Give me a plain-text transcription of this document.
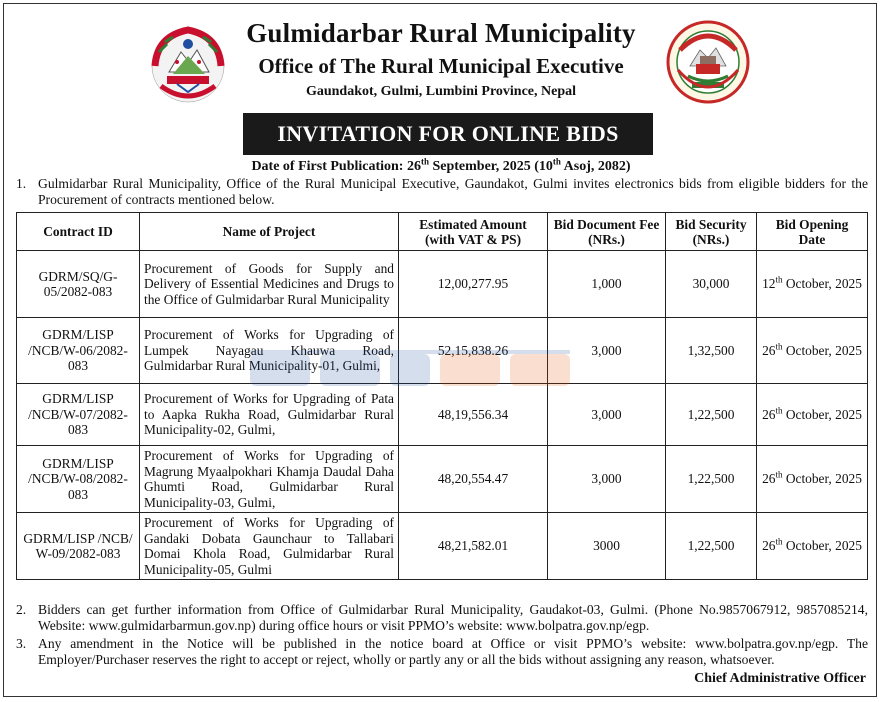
Gulmidarbar Rural Municipality
Office of The Rural Municipal Executive
Gaundakot, Gulmi, Lumbini Province, Nepal
INVITATION FOR ONLINE BIDS
Date of First Publication: 26th September, 2025 (10th Asoj, 2082)
1. Gulmidarbar Rural Municipality, Office of the Rural Municipal Executive, Gaundakot, Gulmi invites electronics bids from eligible bidders for the Procurement of contracts mentioned below.
Contract ID	Name of Project	Estimated Amount (with VAT & PS)	Bid Document Fee (NRs.)	Bid Security (NRs.)	Bid Opening Date
GDRM/SQ/G-05/2082-083	Procurement of Goods for Supply and Delivery of Essential Medicines and Drugs to the Office of Gulmidarbar Rural Municipality	12,00,277.95	1,000	30,000	12th October, 2025
GDRM/LISP /NCB/W-06/2082-083	Procurement of Works for Upgrading of Lumpek Nayagau Khauwa Road, Gulmidarbar Rural Municipality-01, Gulmi,	52,15,838.26	3,000	1,32,500	26th October, 2025
GDRM/LISP /NCB/W-07/2082-083	Procurement of Works for Upgrading of Pata to Aapka Rukha Road, Gulmidarbar Rural Municipality-02, Gulmi,	48,19,556.34	3,000	1,22,500	26th October, 2025
GDRM/LISP /NCB/W-08/2082-083	Procurement of Works for Upgrading of Magrung Myaalpokhari Khamja Daudal Daha Ghumti Road, Gulmidarbar Rural Municipality-03, Gulmi,	48,20,554.47	3,000	1,22,500	26th October, 2025
GDRM/LISP /NCB/ W-09/2082-083	Procurement of Works for Upgrading of Gandaki Dobata Gaunchaur to Tallabari Domai Khola Road, Gulmidarbar Rural Municipality-05, Gulmi	48,21,582.01	3000	1,22,500	26th October, 2025
2. Bidders can get further information from Office of Gulmidarbar Rural Municipality, Gaudakot-03, Gulmi. (Phone No.9857067912, 9857085214, Website: www.gulmidarbarmun.gov.np) during office hours or visit PPMO’s website: www.bolpatra.gov.np/egp.
3. Any amendment in the Notice will be published in the notice board at Office or visit PPMO’s website: www.bolpatra.gov.np/egp. The Employer/Purchaser reserves the right to accept or reject, wholly or partly any or all the bids without assigning any reason, whatsoever.
Chief Administrative Officer
